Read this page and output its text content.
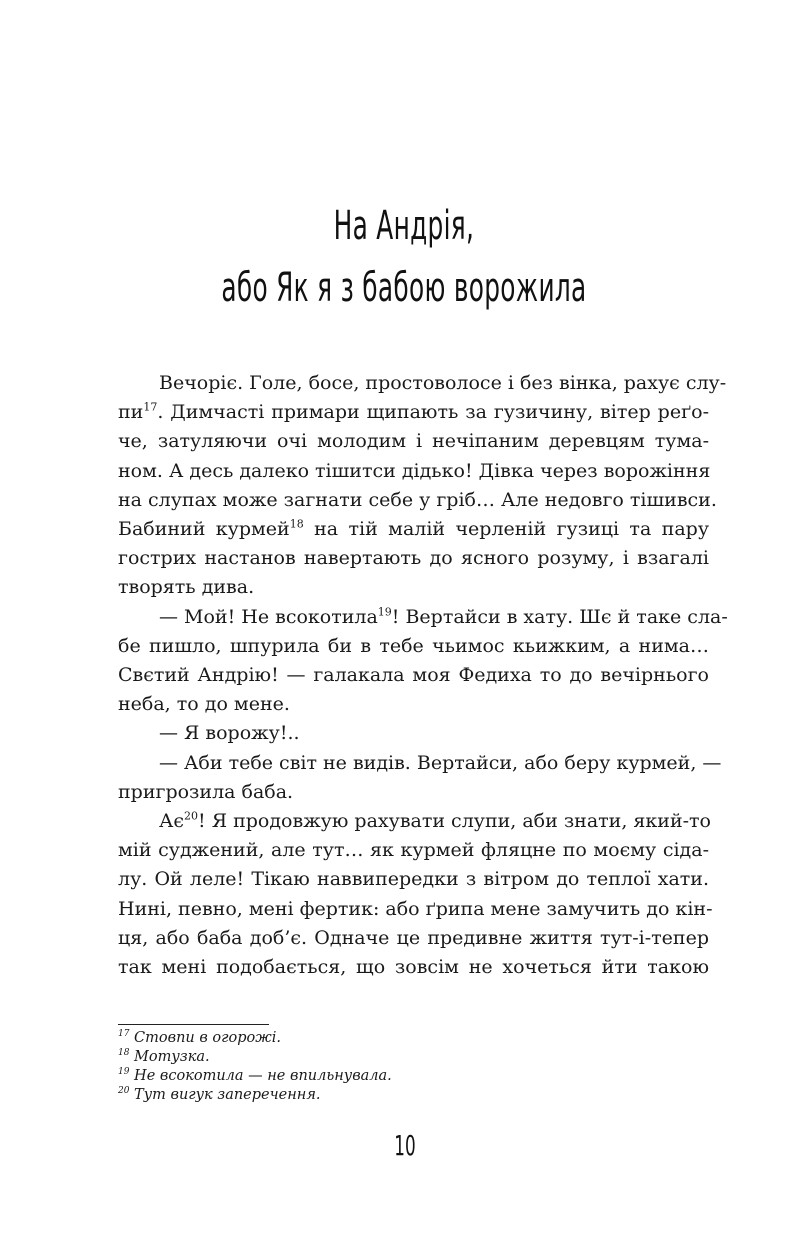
На Андрія,
або Як я з бабою ворожила
Вечоріє. Голе, босе, простоволосе і без вінка, рахує слу-
$пи^{17}$. Димчасті примари щипають за гузичину, вітер реґо-
че, затуляючи очі молодим і нечіпаним деревцям тума-
ном. А десь далеко тішитси дідько! Дівка через ворожіння
на слупах може загнати себе у гріб… Але недовго тішивси.
Бабиний курмей$^{18}$ на тій малій черленій гузиці та пару
гострих настанов навертають до ясного розуму, і взагалі
творять дива.
— Мой! Не всокотила$^{19}$! Вертайси в хату. Шє й таке сла-
бе пишло, шпурила би в тебе чьимос кьижким, а нима…
Свєтий Андрію! — галакала моя Федиха то до вечірнього
неба, то до мене.
— Я ворожу!..
— Аби тебе світ не видів. Вертайси, або беру курмей, —
пригрозила баба.
$Ає^{20}$! Я продовжую рахувати слупи, аби знати, який-то
мій суджений, але тут… як курмей фляцне по моєму сіда-
лу. Ой леле! Тікаю наввипередки з вітром до теплої хати.
Нині, певно, мені фертик: або ґрипа мене замучить до кін-
ця, або баба доб’є. Одначе це предивне життя тут-і-тепер
так мені подобається, що зовсім не хочеться йти такою
$^{17}$ Стовпи в огорожі.
$^{18}$ Мотузка.
$^{19}$ Не всокотила — не впильнувала.
$^{20}$ Тут вигук заперечення.
10
